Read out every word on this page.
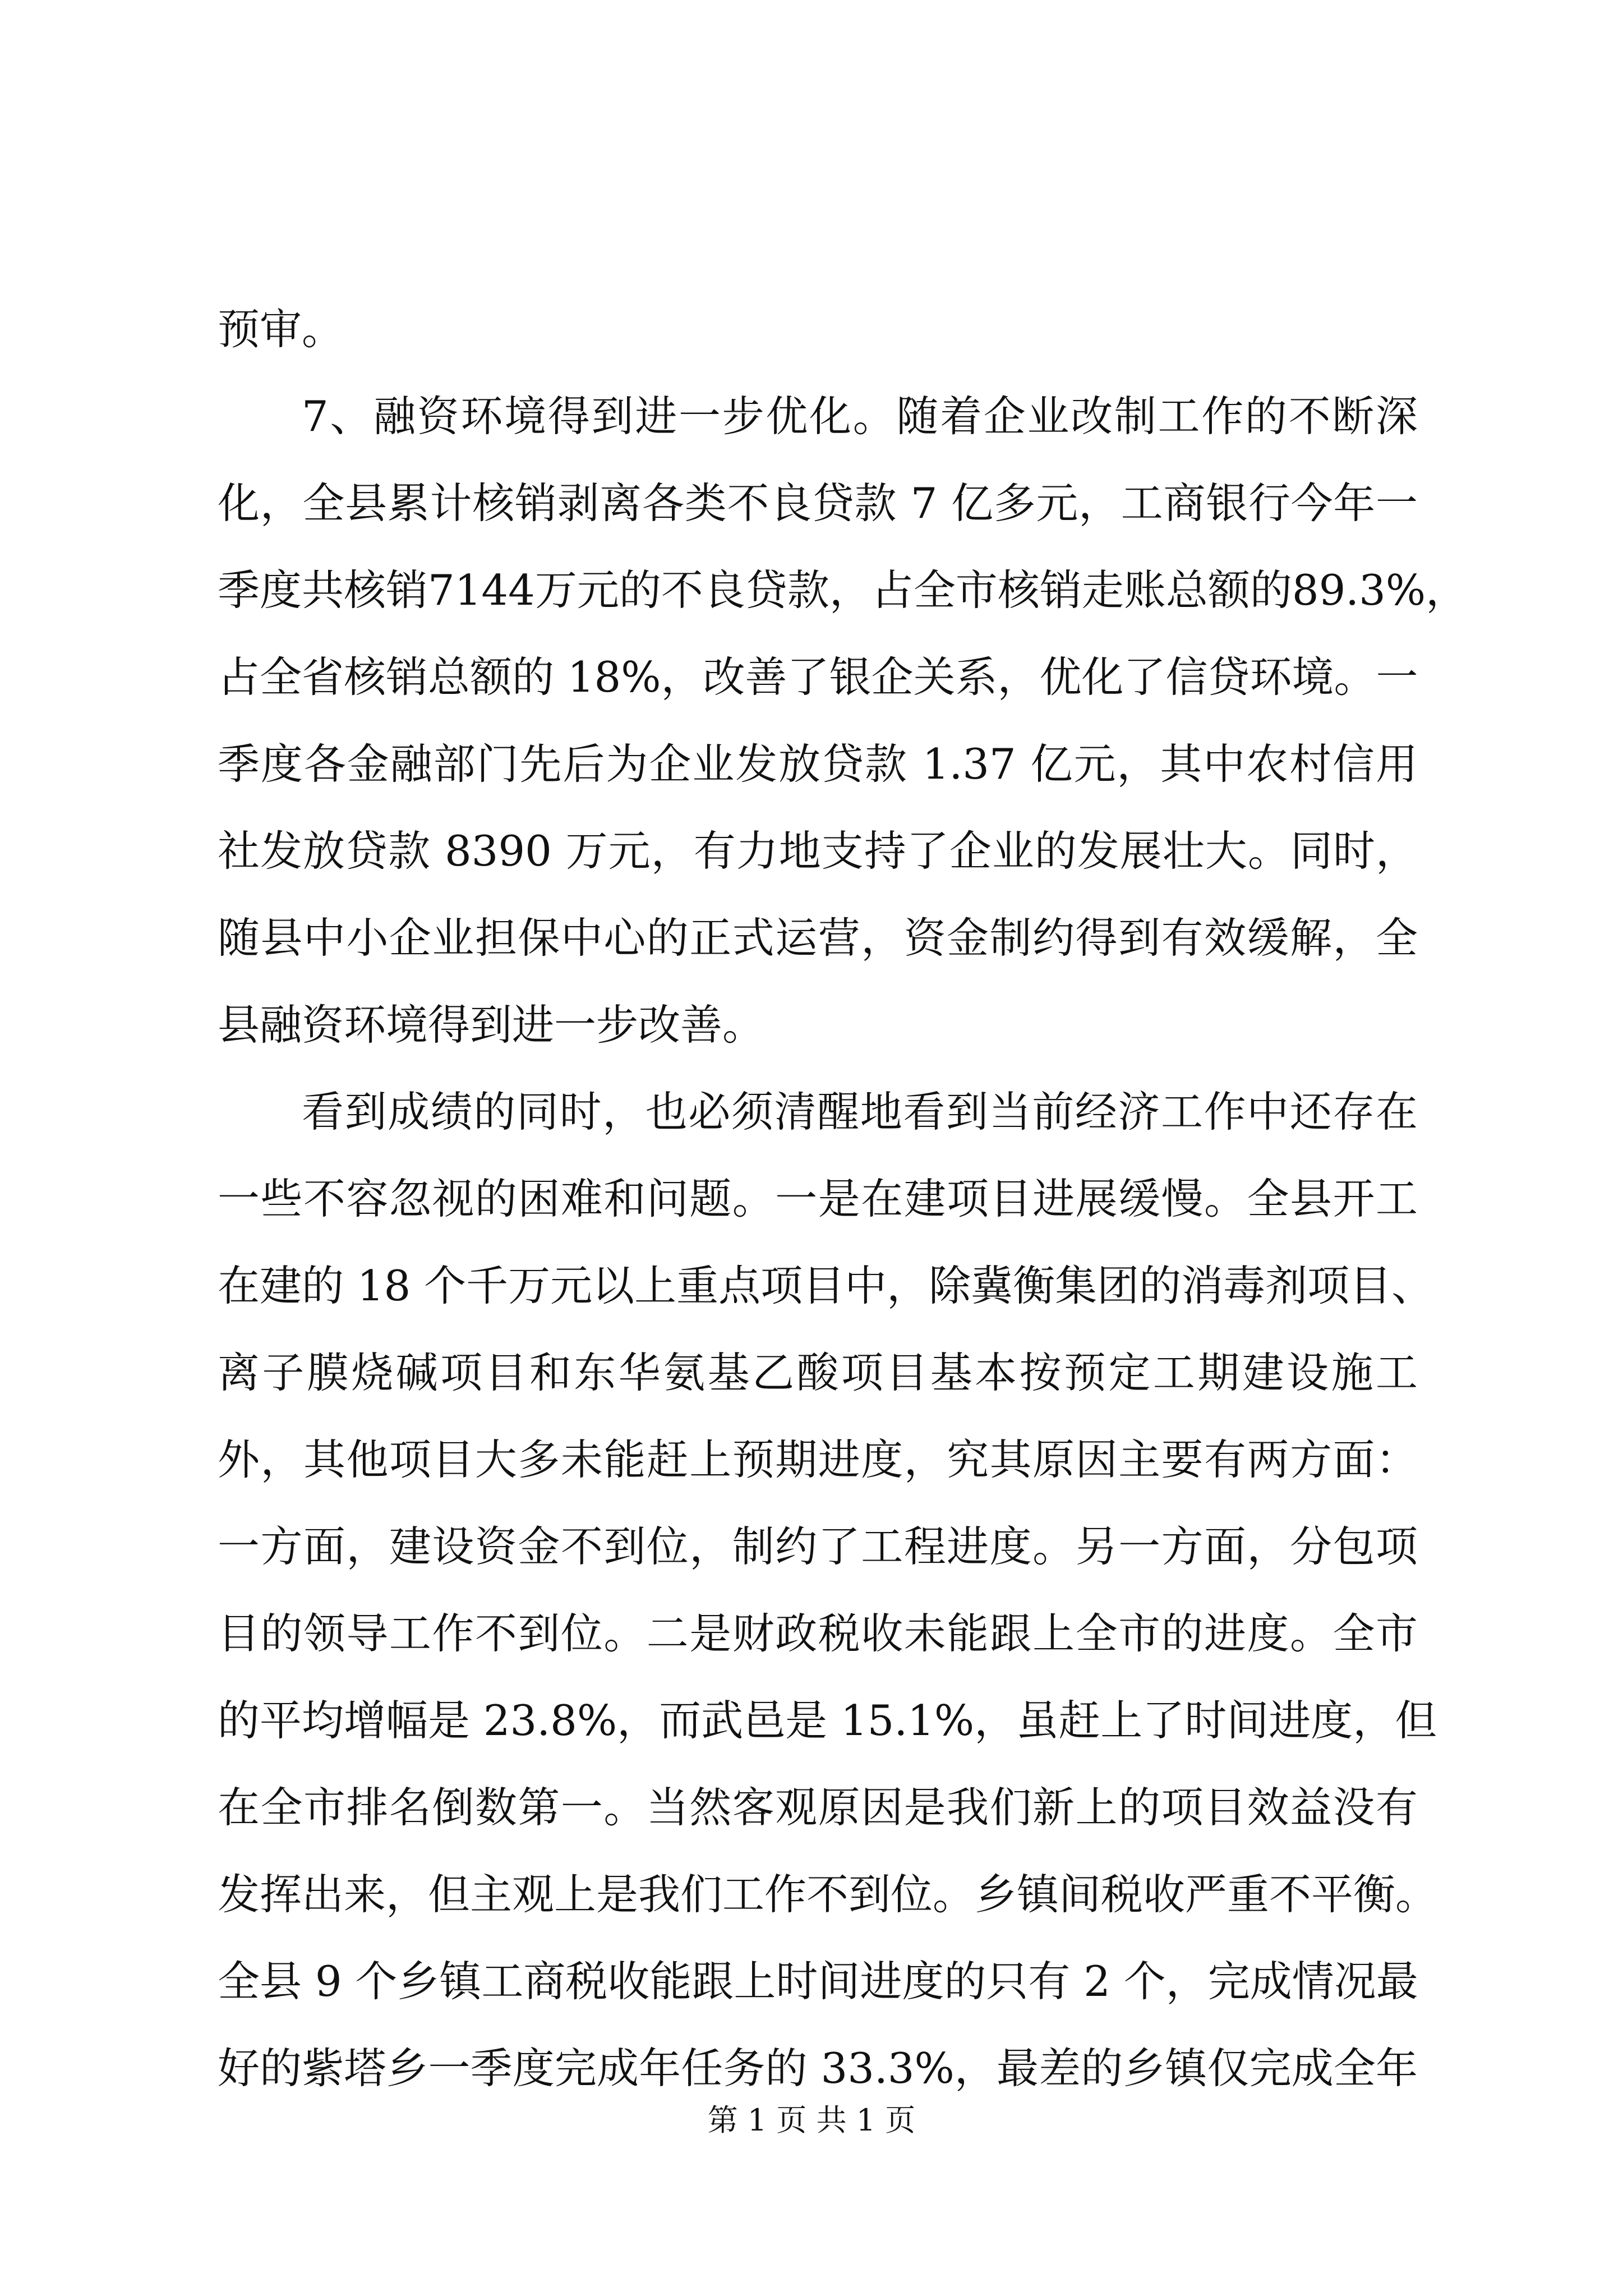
预审。
7、融资环境得到进一步优化。随着企业改制工作的不断深
化，全县累计核销剥离各类不良贷款 7 亿多元，工商银行今年一
季度共核销7144万元的不良贷款，占全市核销走账总额的89.3%，
占全省核销总额的 18%，改善了银企关系，优化了信贷环境。一
季度各金融部门先后为企业发放贷款 1.37 亿元，其中农村信用
社发放贷款 8390 万元，有力地支持了企业的发展壮大。同时，
随县中小企业担保中心的正式运营，资金制约得到有效缓解，全
县融资环境得到进一步改善。
看到成绩的同时，也必须清醒地看到当前经济工作中还存在
一些不容忽视的困难和问题。一是在建项目进展缓慢。全县开工
在建的 18 个千万元以上重点项目中，除冀衡集团的消毒剂项目、
离子膜烧碱项目和东华氨基乙酸项目基本按预定工期建设施工
外，其他项目大多未能赶上预期进度，究其原因主要有两方面：
一方面，建设资金不到位，制约了工程进度。另一方面，分包项
目的领导工作不到位。二是财政税收未能跟上全市的进度。全市
的平均增幅是 23.8%，而武邑是 15.1%，虽赶上了时间进度，但
在全市排名倒数第一。当然客观原因是我们新上的项目效益没有
发挥出来，但主观上是我们工作不到位。乡镇间税收严重不平衡。
全县 9 个乡镇工商税收能跟上时间进度的只有 2 个，完成情况最
好的紫塔乡一季度完成年任务的 33.3%，最差的乡镇仅完成全年
第 1 页 共 1 页
